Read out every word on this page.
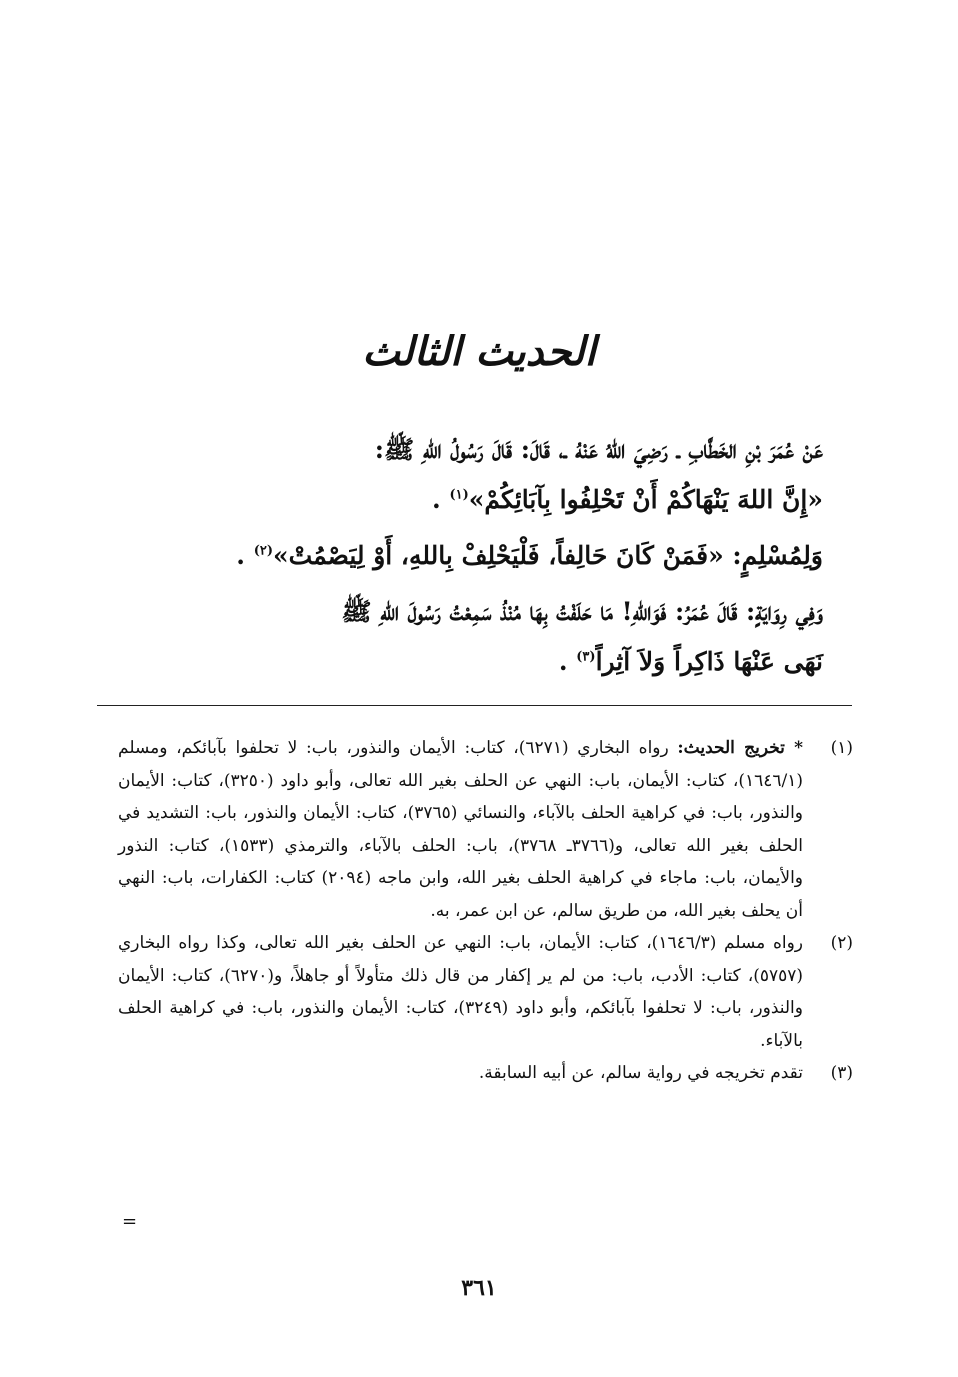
الحديث الثالث

عَنْ عُمَرَ بْنِ الخَطَّابِ ـ رَضِيَ اللهُ عَنْهُ ـ، قَالَ: قَالَ رَسُولُ اللهِ ﷺ:

«إِنَّ اللهَ يَنْهَاكُمْ أَنْ تَحْلِفُوا بِآبَائِكُمْ»$^{(١)}$ .

وَلِمُسْلِمٍ: «فَمَنْ كَانَ حَالِفاً، فَلْيَحْلِفْ بِاللهِ، أَوْ لِيَصْمُتْ»$^{(٢)}$ .

وَفِي رِوَايَةٍ: قَالَ عُمَرُ: فَوَاللهِ! مَا حَلَفْتُ بِهَا مُنْذُ سَمِعْتُ رَسُولَ اللهِ ﷺ

نَهَى عَنْهَا ذَاكِراً وَلاَ آثِراً$^{(٣)}$ .

(١)
* تخريج الحديث: رواه البخاري (٦٢٧١)، كتاب: الأيمان والنذور، باب: لا تحلفوا بآبائكم، ومسلم (١٦٤٦/١)، كتاب: الأيمان، باب: النهي عن الحلف بغير الله تعالى، وأبو داود (٣٢٥٠)، كتاب: الأيمان والنذور، باب: في كراهية الحلف بالآباء، والنسائي (٣٧٦٥)، كتاب: الأيمان والنذور، باب: التشديد في الحلف بغير الله تعالى، و(٣٧٦٦ـ ٣٧٦٨)، باب: الحلف بالآباء، والترمذي (١٥٣٣)، كتاب: النذور والأيمان، باب: ماجاء في كراهية الحلف بغير الله، وابن ماجه (٢٠٩٤) كتاب: الكفارات، باب: النهي أن يحلف بغير الله، من طريق سالم، عن ابن عمر، به.
(٢)
رواه مسلم (١٦٤٦/٣)، كتاب: الأيمان، باب: النهي عن الحلف بغير الله تعالى، وكذا رواه البخاري (٥٧٥٧)، كتاب: الأدب، باب: من لم ير إكفار من قال ذلك متأولاً أو جاهلاً، و(٦٢٧٠)، كتاب: الأيمان والنذور، باب: لا تحلفوا بآبائكم، وأبو داود (٣٢٤٩)، كتاب: الأيمان والنذور، باب: في كراهية الحلف بالآباء.
(٣)
تقدم تخريجه في رواية سالم، عن أبيه السابقة.
=
٣٦١
